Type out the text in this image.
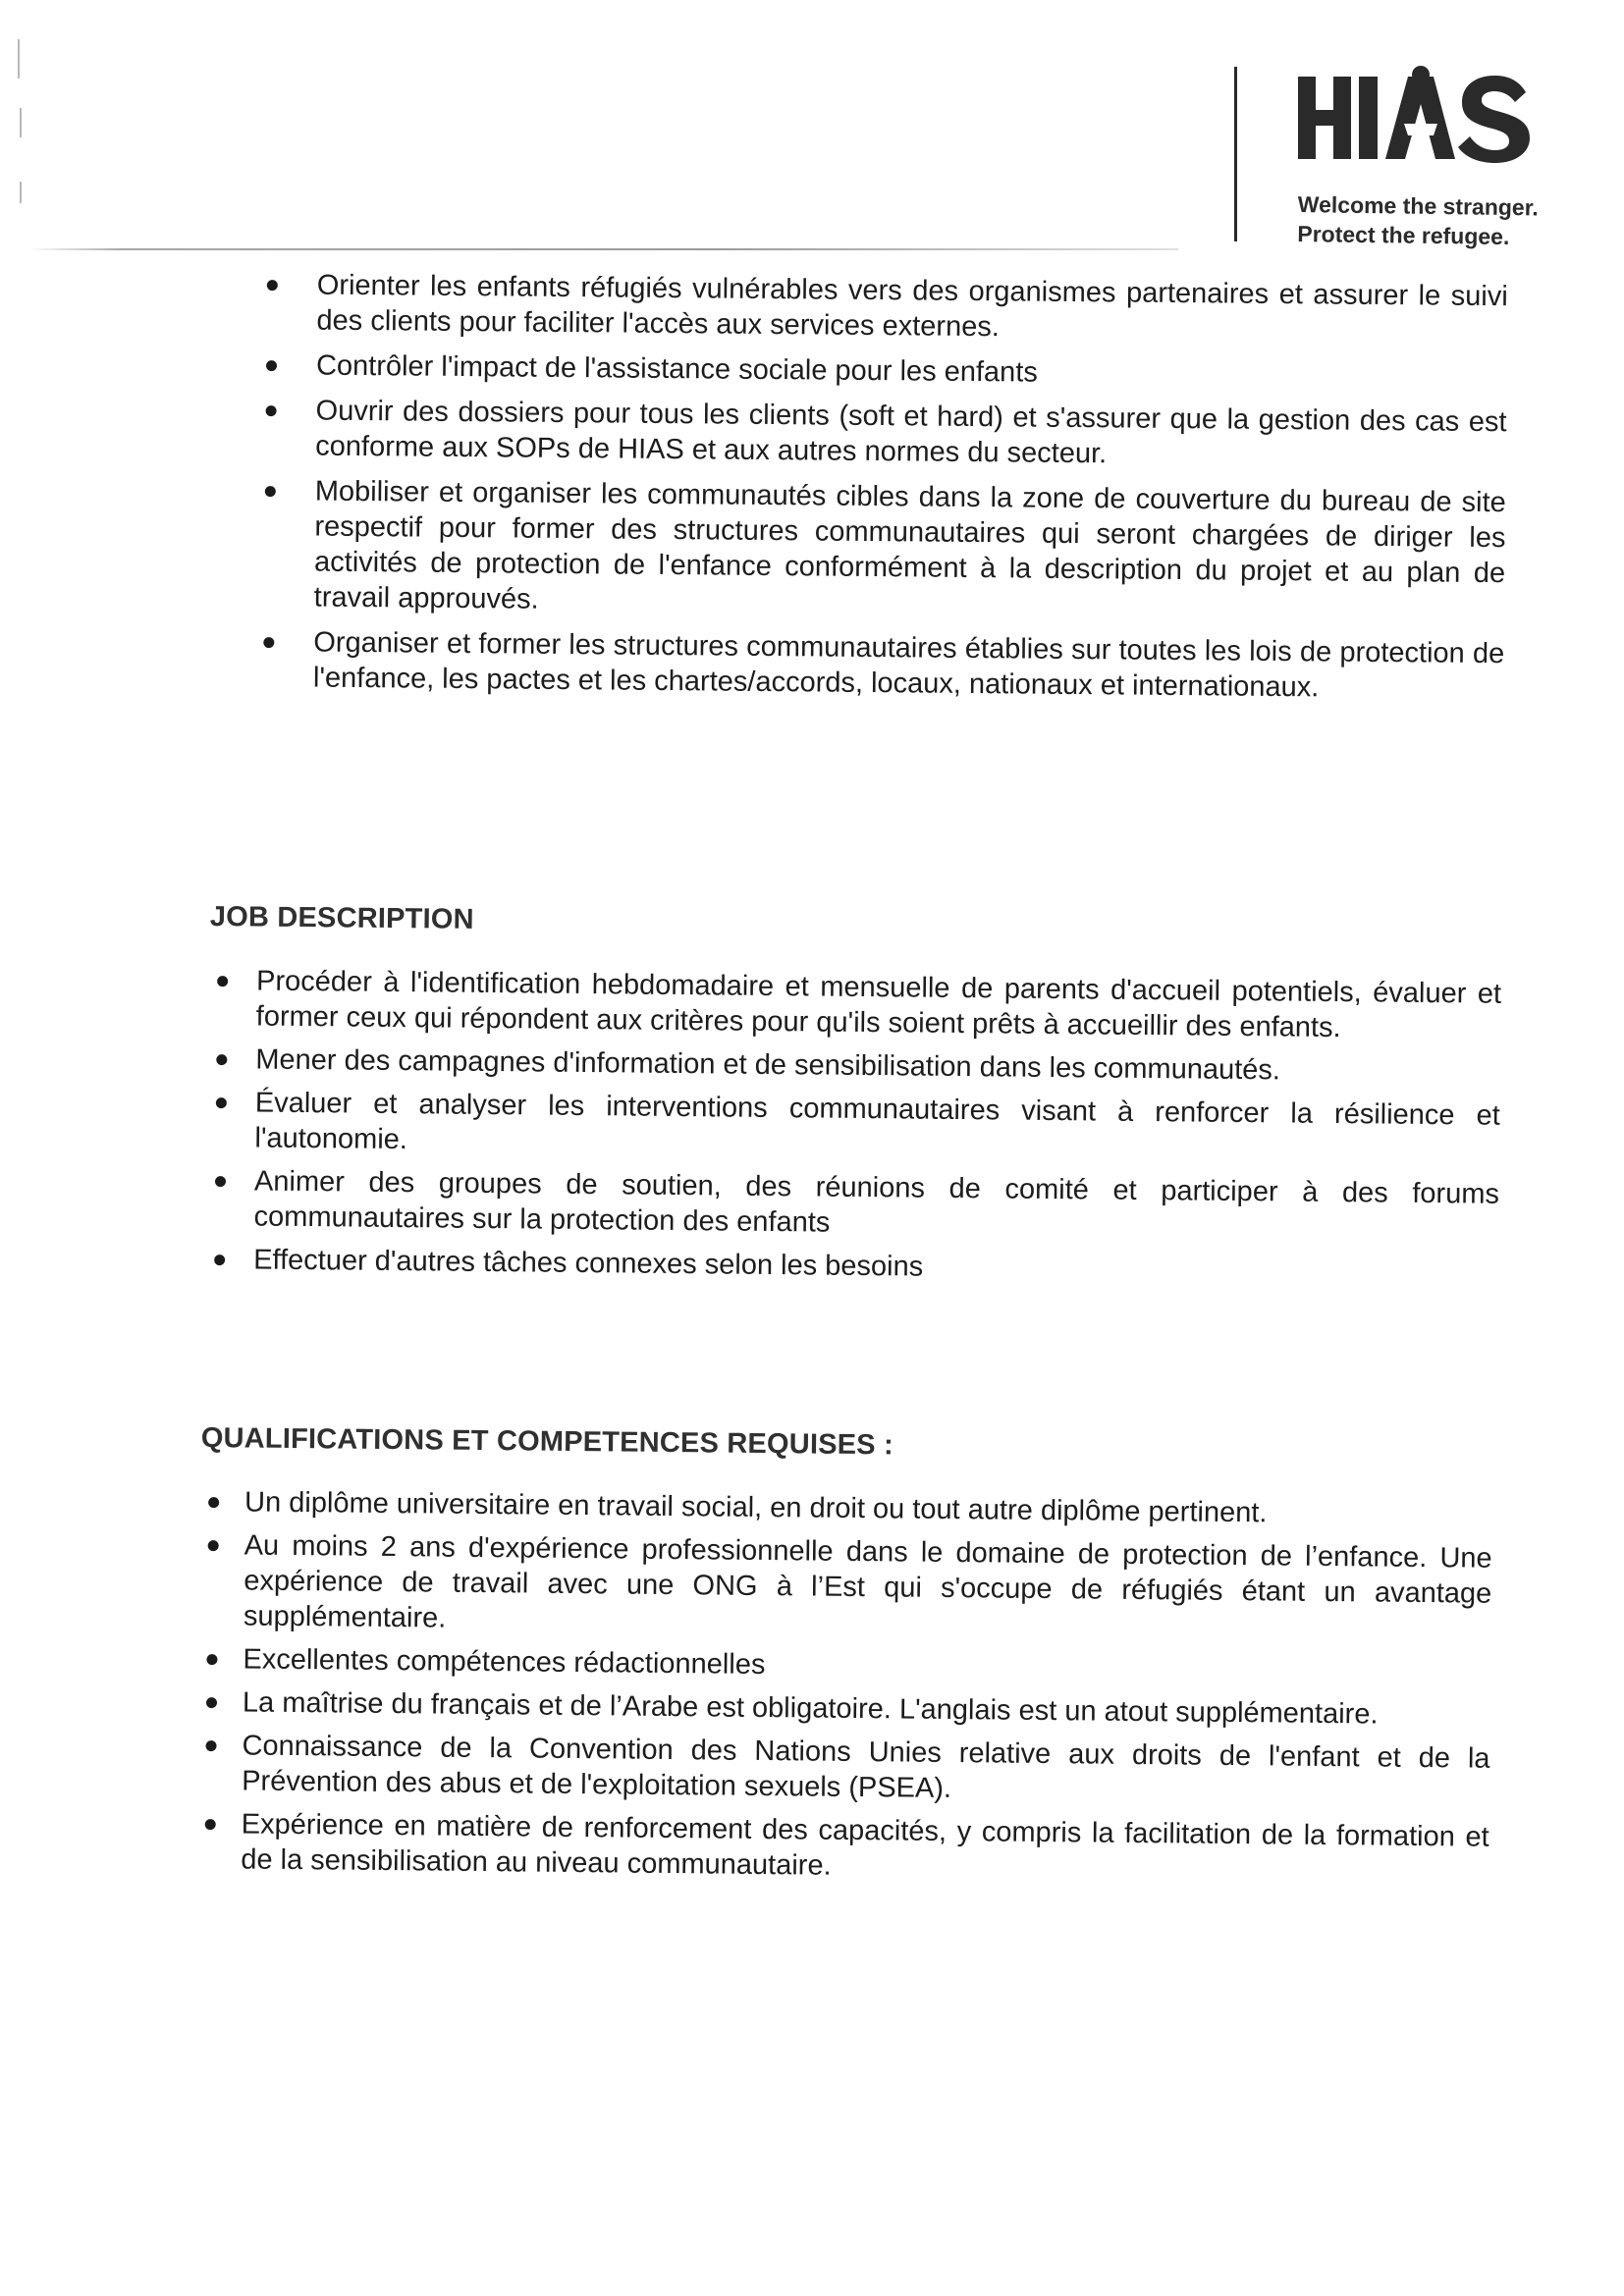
Welcome the stranger.
Protect the refugee.
Orienter les enfants réfugiés vulnérables vers des organismes partenaires et assurer le suivi des clients pour faciliter l'accès aux services externes.
Contrôler l'impact de l'assistance sociale pour les enfants
Ouvrir des dossiers pour tous les clients (soft et hard) et s'assurer que la gestion des cas est conforme aux SOPs de HIAS et aux autres normes du secteur.
Mobiliser et organiser les communautés cibles dans la zone de couverture du bureau de site respectif pour former des structures communautaires qui seront chargées de diriger les activités de protection de l'enfance conformément à la description du projet et au plan de travail approuvés.
Organiser et former les structures communautaires établies sur toutes les lois de protection de l'enfance, les pactes et les chartes/accords, locaux, nationaux et internationaux.
JOB DESCRIPTION
Procéder à l'identification hebdomadaire et mensuelle de parents d'accueil potentiels, évaluer et former ceux qui répondent aux critères pour qu'ils soient prêts à accueillir des enfants.
Mener des campagnes d'information et de sensibilisation dans les communautés.
Évaluer et analyser les interventions communautaires visant à renforcer la résilience et l'autonomie.
Animer des groupes de soutien, des réunions de comité et participer à des forums communautaires sur la protection des enfants
Effectuer d'autres tâches connexes selon les besoins
QUALIFICATIONS ET COMPETENCES REQUISES :
Un diplôme universitaire en travail social, en droit ou tout autre diplôme pertinent.
Au moins 2 ans d'expérience professionnelle dans le domaine de protection de l’enfance. Une expérience de travail avec une ONG à l’Est qui s'occupe de réfugiés étant un avantage supplémentaire.
Excellentes compétences rédactionnelles
La maîtrise du français et de l’Arabe est obligatoire. L'anglais est un atout supplémentaire.
Connaissance de la Convention des Nations Unies relative aux droits de l'enfant et de la Prévention des abus et de l'exploitation sexuels (PSEA).
Expérience en matière de renforcement des capacités, y compris la facilitation de la formation et de la sensibilisation au niveau communautaire.
